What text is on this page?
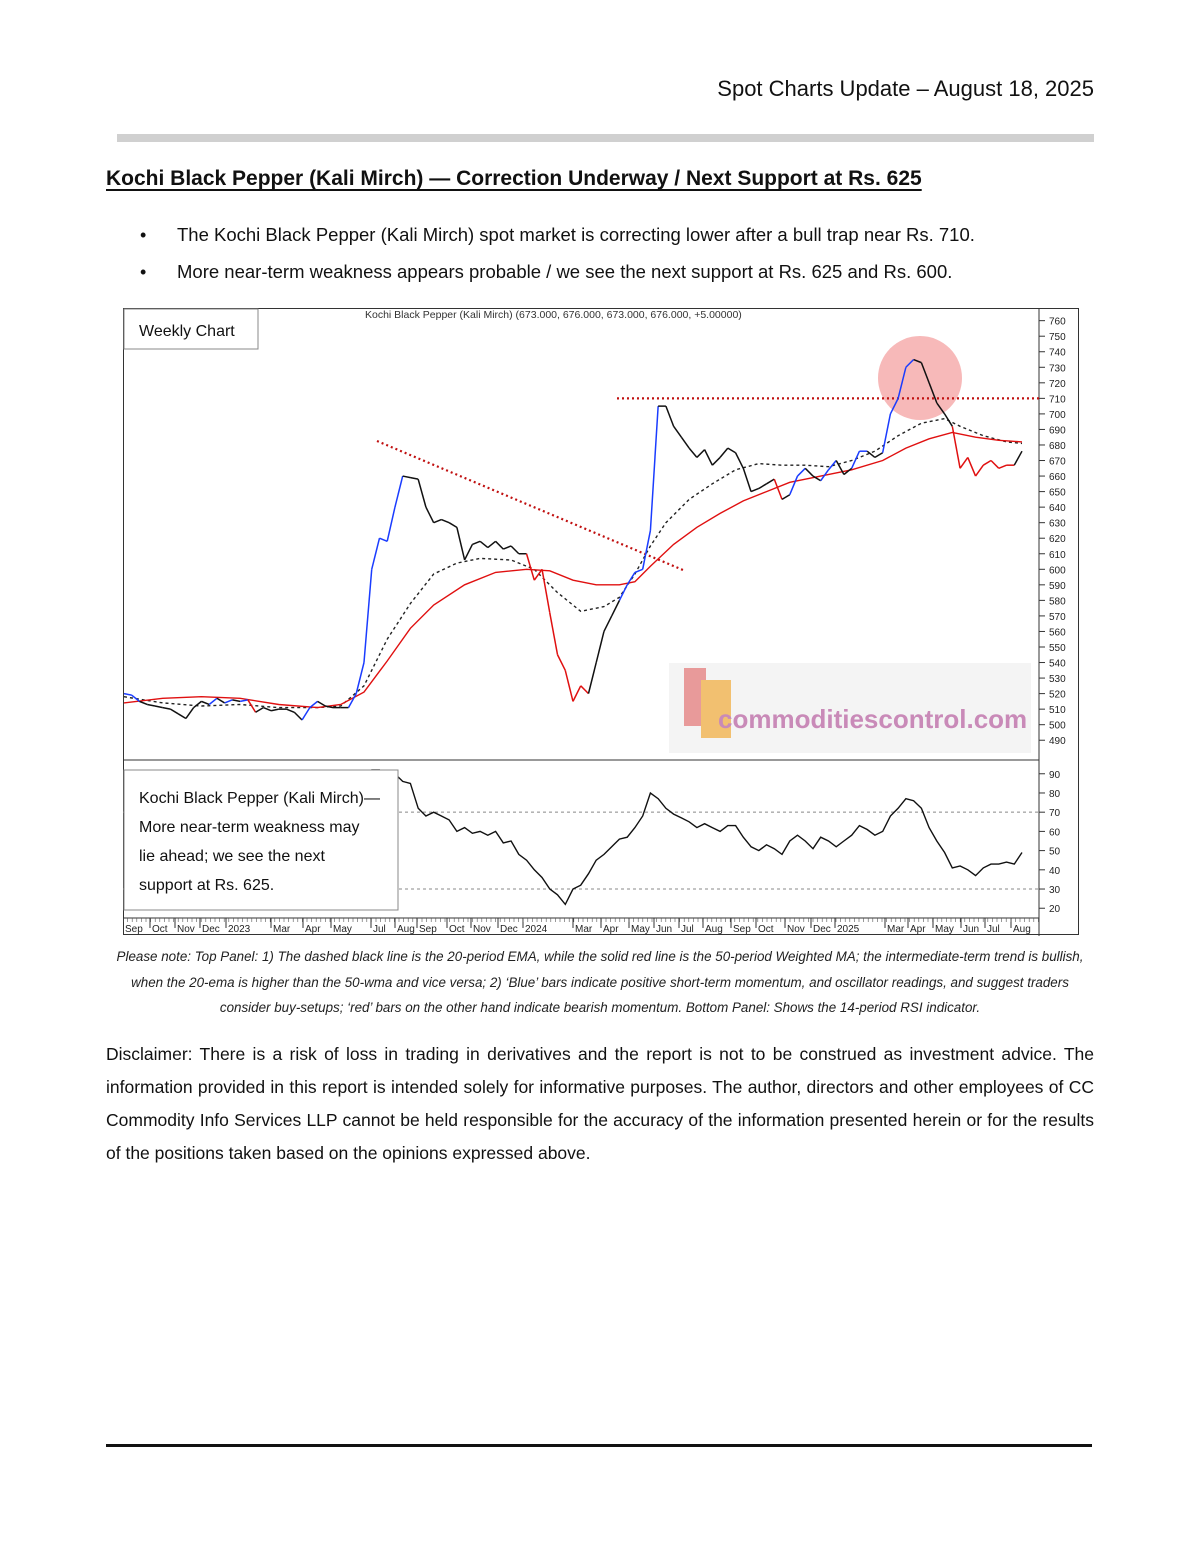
Spot Charts Update – August 18, 2025
Kochi Black Pepper (Kali Mirch) — Correction Underway / Next Support at Rs. 625
• The Kochi Black Pepper (Kali Mirch) spot market is correcting lower after a bull trap near Rs. 710.
• More near-term weakness appears probable / we see the next support at Rs. 625 and Rs. 600.
commoditiescontrol.com
Kochi Black Pepper (Kali Mirch) (673.000, 676.000, 673.000, 676.000, +5.00000)
Weekly Chart
760
750
740
730
720
710
700
690
680
670
660
650
640
630
620
610
600
590
580
570
560
550
540
530
520
510
500
490
90
80
70
60
50
40
30
20
Sep Oct Nov Dec 2023 Mar Apr May Jul Aug Sep Oct Nov Dec 2024	Mar Apr May Jun Jul Aug Sep Oct Nov Dec 2025	Mar Apr May Jun Jul Aug
Kochi Black Pepper (Kali Mirch)— More near-term weakness may lie ahead; we see the next support at Rs. 625.
Please note: Top Panel: 1) The dashed black line is the 20-period EMA, while the solid red line is the 50-period Weighted MA; the intermediate-term trend is bullish, when the 20-ema is higher than the 50-wma and vice versa; 2) ‘Blue’ bars indicate positive short-term momentum, and oscillator readings, and suggest traders consider buy-setups; ‘red’ bars on the other hand indicate bearish momentum. Bottom Panel: Shows the 14-period RSI indicator.
Disclaimer: There is a risk of loss in trading in derivatives and the report is not to be construed as investment advice. The information provided in this report is intended solely for informative purposes. The author, directors and other employees of CC Commodity Info Services LLP cannot be held responsible for the accuracy of the information presented herein or for the results of the positions taken based on the opinions expressed above.
